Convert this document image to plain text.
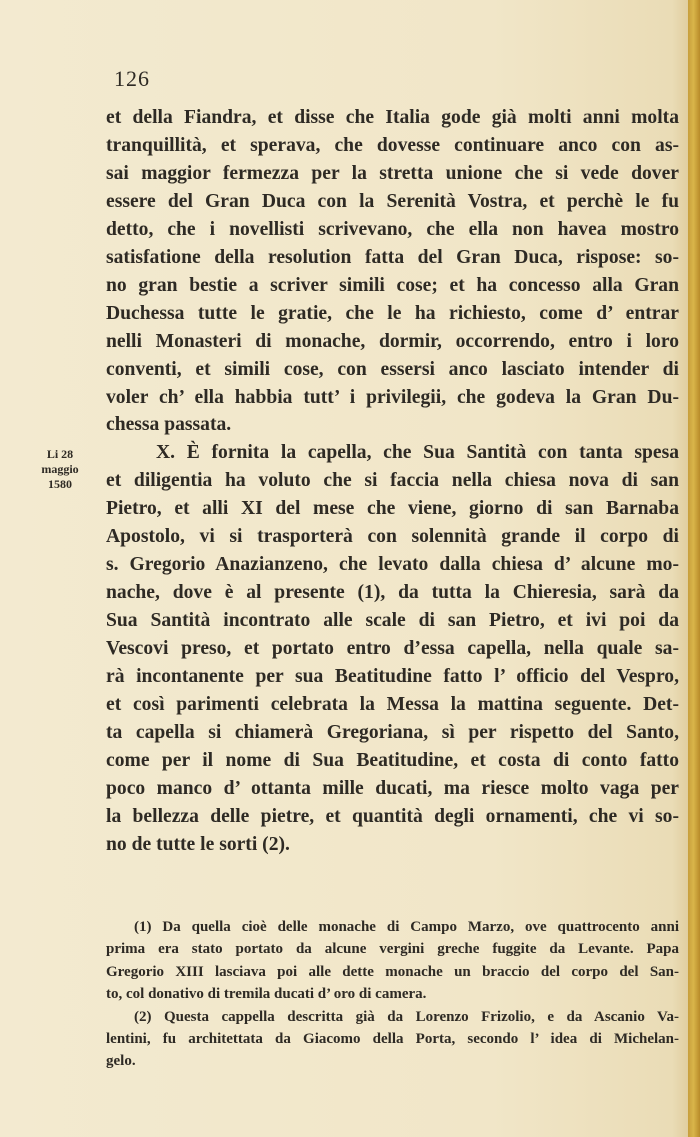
126
Li 28
maggio
1580
et della Fiandra, et disse che Italia gode già molti anni molta
tranquillità, et sperava, che dovesse continuare anco con as-
sai maggior fermezza per la stretta unione che si vede dover
essere del Gran Duca con la Serenità Vostra, et perchè le fu
detto, che i novellisti scrivevano, che ella non havea mostro
satisfatione della resolution fatta del Gran Duca, rispose: so-
no gran bestie a scriver simili cose; et ha concesso alla Gran
Duchessa tutte le gratie, che le ha richiesto, come d’ entrar
nelli Monasteri di monache, dormir, occorrendo, entro i loro
conventi, et simili cose, con essersi anco lasciato intender di
voler ch’ ella habbia tutt’ i privilegii, che godeva la Gran Du-
chessa passata.
X. È fornita la capella, che Sua Santità con tanta spesa
et diligentia ha voluto che si faccia nella chiesa nova di san
Pietro, et alli XI del mese che viene, giorno di san Barnaba
Apostolo, vi si trasporterà con solennità grande il corpo di
s. Gregorio Anazianzeno, che levato dalla chiesa d’ alcune mo-
nache, dove è al presente (1), da tutta la Chieresia, sarà da
Sua Santità incontrato alle scale di san Pietro, et ivi poi da
Vescovi preso, et portato entro d’essa capella, nella quale sa-
rà incontanente per sua Beatitudine fatto l’ officio del Vespro,
et così parimenti celebrata la Messa la mattina seguente. Det-
ta capella si chiamerà Gregoriana, sì per rispetto del Santo,
come per il nome di Sua Beatitudine, et costa di conto fatto
poco manco d’ ottanta mille ducati, ma riesce molto vaga per
la bellezza delle pietre, et quantità degli ornamenti, che vi so-
no de tutte le sorti (2).
(1) Da quella cioè delle monache di Campo Marzo, ove quattrocento anni
prima era stato portato da alcune vergini greche fuggite da Levante. Papa
Gregorio XIII lasciava poi alle dette monache un braccio del corpo del San-
to, col donativo di tremila ducati d’ oro di camera.
(2) Questa cappella descritta già da Lorenzo Frizolio, e da Ascanio Va-
lentini, fu architettata da Giacomo della Porta, secondo l’ idea di Michelan-
gelo.
